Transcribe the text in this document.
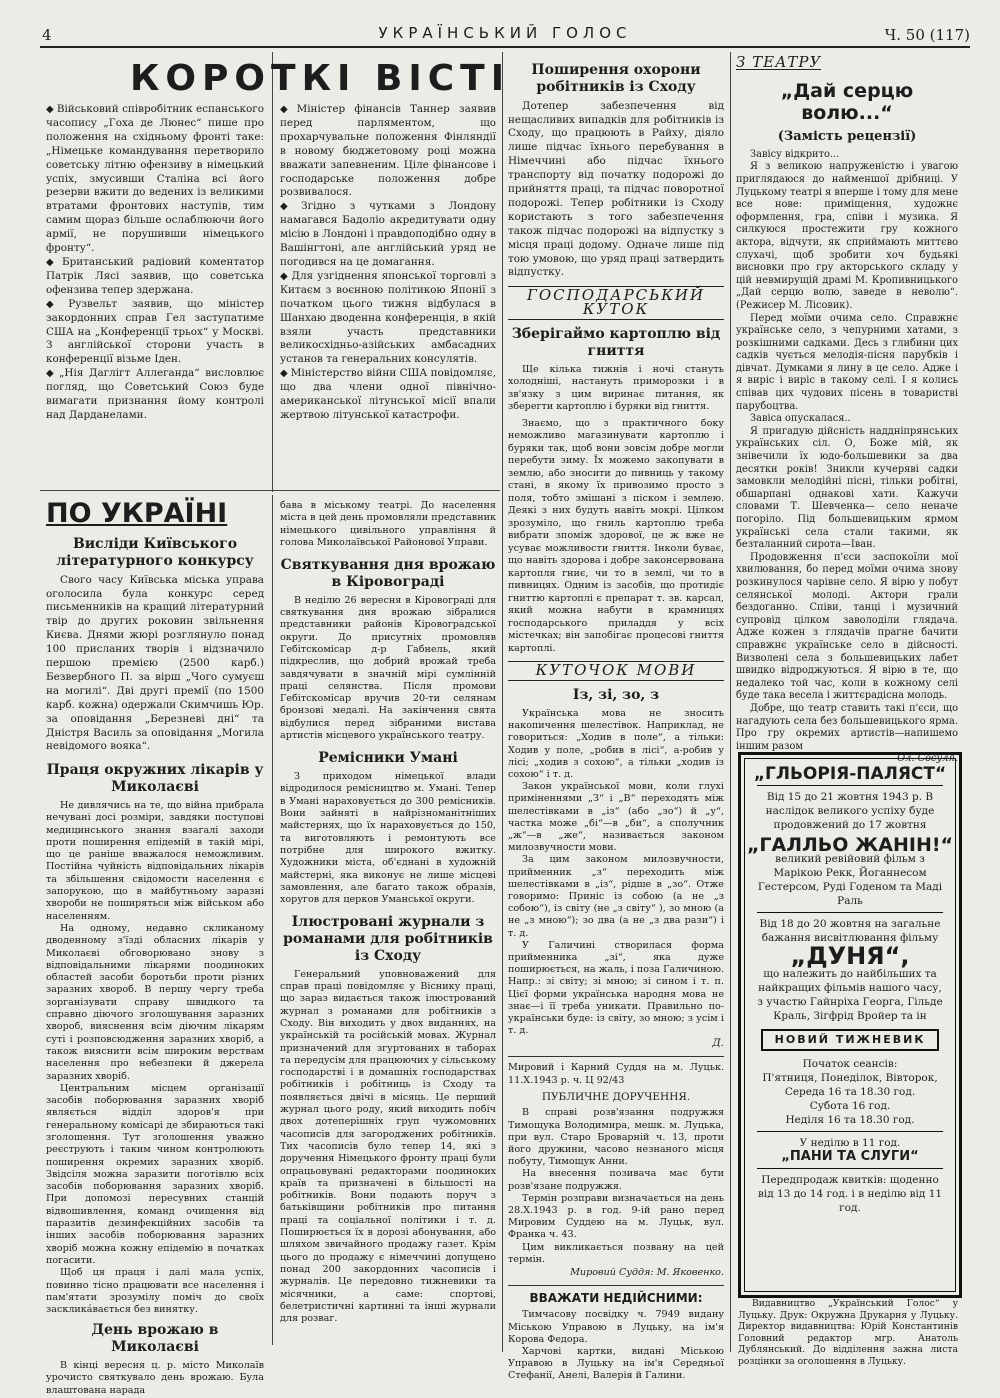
4	УКРАЇНСЬКИЙ ГОЛОС	Ч. 50 (117)
КОРОТКІ ВІСТІ

◆ Військовий співробітник еспанського часопису „Гоха де Люнес“ пише про положення на східньому фронті таке: „Німецьке командування перетворило советську літню офензиву в німецький успіх, змусивши Сталіна всі його резерви вжити до ведених із великими втратами фронтових наступів, тим самим щораз більше ослаблюючи його армії, не порушивши німецького фронту“.

◆ Британський радіовий коментатор Патрік Лясі заявив, що советська офензива тепер здержана.

◆ Рузвельт заявив, що міністер закордонних справ Гел заступатиме США на „Конференції трьох“ у Москві. З англійської сторони участь в конференції візьме Іден.

◆ „Нія Даглігт Аллеганда“ висловлює погляд, що Советський Союз буде вимагати признання йому контролі над Дарданелами.

◆ Міністер фінансів Таннер заявив перед парляментом, що прохарчувальне положення Фінляндії в новому бюджетовому році можна вважати запевненим. Ціле фінансове і господарське положення добре розвивалося.

◆ Згідно з чутками з Лондону намагався Бадоліо акредитувати одну місію в Лондоні і правдоподібно одну в Вашінгтоні, але англійський уряд не погодився на це домагання.

◆ Для узгіднення японської торговлі з Китаєм з воєнною політикою Японії з початком цього тижня відбулася в Шанхаю дводенна конференція, в якій взяли участь представники великосхідньо-азійських амбасадних установ та генеральних консулятів.

◆ Міністерство війни США повідомляє, що два члени одної північно-американської літунської місії впали жертвою літунської катастрофи.

Поширення охорони робітників із Сходу

Дотепер забезпечення від нещасливих випадків для робітників із Сходу, що працюють в Райху, діяло лише підчас їхнього перебування в Німеччині або підчас їхнього транспорту від початку подорожі до прийняття праці, та підчас поворотної подорожі. Тепер робітники із Сходу користають з того забезпечення також підчас подорожі на відпустку з місця праці додому. Одначе лише під тою умовою, що уряд праці затвердить відпустку.

ГОСПОДАРСЬКИЙ КУТОК
Зберігаймо картоплю від гниття

Ще кілька тижнів і ночі стануть холоднішi, настануть приморозки і в зв'язку з цим виринає питання, як зберегти картоплю і буряки від гниття.

Знаємо, що з практичного боку неможливо магазинувати картоплю і буряки так, щоб вони зовсім добре могли перебути зиму. Їх можемо закопувати в землю, або зносити до пивниць у такому стані, в якому їх привозимо просто з поля, тобто змішані з піском і землею. Деякі з них будуть навіть мокрі. Цілком зрозуміло, що гниль картоплю треба вибрати зпоміж здорової, це ж вже не усуває можливости гниття. Інколи буває, що навіть здорова і добре законсервована картопля гниє, чи то в землі, чи то в пивницях. Одним із засобів, що протидіє гниттю картоплі є препарат т. зв. карсал, який можна набути в крамницях господарського приладдя у всіх містечках; він запобігає процесові гниття картоплі.

КУТОЧОК МОВИ
Із, зі, зо, з

Українська мова не зносить накопичення шелестівок. Наприклад, не говориться: „Ходив в поле“, а тільки: Ходив у поле, „робив в лісі“, а-робив у лісі; „ходив з сохою“, а тільки „ходив із сохою“ і т. д.

Закон української мови, коли глухі приміненнями „З“ і „В“ переходять між шелестівками в „із“ (або „зо“) й „у“, частка може „бі“—в „би“, а сполучник „ж“—в „же“, називається законом милозвучности мови.

За цим законом милозвучности, прийменник „з“ переходить між шелестівками в „із“, рідше в „зо“. Отже говоримо: Приніс із собою (а не „з собою“), із світу (не „з світу“ ), зо мною (а не „з мною“); зо два (а не „з два рази“) і т. д.

У Галичині створилася форма прийменника „зі“, яка дуже поширюється, на жаль, і поза Галичиною. Напр.: зі світу; зі мною; зі сином і т. п. Цієї форми українська народня мова не знає—і її треба уникати. Правильно по-українськи буде: із світу, зо мною; з усім і т. д.

Д.

Мировий і Карний Суддя на м. Луцьк. 11.X.1943 р. ч. Ц 92/43

ПУБЛИЧНЕ ДОРУЧЕННЯ.

В справі розв'язання подружжя Тимощука Володимира, мешк. м. Луцька, при вул. Старо Броварній ч. 13, проти його дружини, часово незнаного місця побуту, Тимощук Анни.

На внесення позивача має бути розв'язане подружжя.

Термін розправи визначається на день 28.X.1943 р. в год. 9-ій рано перед Мировим Суддею на м. Луцьк, вул. Франка ч. 43.

Цим викликається позвану на цей термін.

Мировий Суддя: М. Яковенко.
ВВАЖАТИ НЕДІЙСНИМИ:

Тимчасову посвідку ч. 7949 видану Міською Управою в Луцьку, на ім'я Корова Федора.

Харчові картки, видані Міською Управою в Луцьку на ім'я Середньої Стефанії, Анелі, Валерія й Галини.

З ТЕАТРУ
„Дай серцю волю...“
(Замість рецензії)

Завісу відкрито...

Я з великою напруженістю і увагою приглядаюся до найменшої дрібниці. У Луцькому театрі я вперше і тому для мене все нове: приміщення, художнє оформлення, гра, співи і музика. Я силкуюся простежити гру кожного актора, відчути, як сприймають миттєво слухачі, щоб зробити хоч будьякі висновки про гру акторського складу у цій невмирущій драмі М. Кропивницького „Дай серцю волю, заведе в неволю“. (Режисер М. Лісовик).

Перед моїми очима село. Справжнє українське село, з чепурними хатами, з розкішними садками. Десь з глибини цих садків чується мелодія-пісня парубків і дівчат. Думками я лину в це село. Адже і я виріс і виріс в такому селі. І я колись співав цих чудових пісень в товаристві парубоцтва.

Завіса опускалася..

Я пригадую дійсність наддніпрянських українських сіл. О, Боже мій, як знівечили їх юдо-большевики за два десятки років! Зникли кучеряві садки замовкли мелодійні пісні, тільки робітні, обшарпані однакові хати. Кажучи словами Т. Шевченка— село неначе погоріло. Під большевицьким ярмом українські села стали такими, як безталанний сирота—Іван.

Продовження п'єси заспокоїли мої хвилювання, бо перед моїми очима знову розкинулося чарівне село. Я вірю у побут селянської молоді. Актори грали бездоганно. Співи, танці і музичний супровід цілком заволоділи глядача. Адже кожен з глядачів прагне бачити справжнє українське село в дійсності. Визволені села з большевицьких лабет швидко відроджуються. Я вірю в те, що недалеко той час, коли в кожному селі буде така весела і життєрадісна молодь.

Добре, що театр ставить такі п'єси, що нагадують села без большевицького ярма. Про гру окремих артистів—напишемо іншим разом

Ол. Сосуля.
„ГЛЬОРІЯ-ПАЛЯСТ“
Від 15 до 21 жовтня 1943 р. В наслідок великого успіху буде продовжений до 17 жовтня
„ГАЛЛЬО ЖАНІН!“
великий ревійовий фільм з Марікою Рекк, Йоганнесом Гестерсом, Руді Годеном та Маді Раль
Від 18 до 20 жовтня на загальне бажання висвітлювання фільму
„ДУНЯ“,
що належить до найбільших та найкращих фільмів нашого часу, з участю Гайнріха Георга, Гільде Краль, Зігфрід Вройер та ін
НОВИЙ ТИЖНЕВИК
Початок сеансів:
П'ятниця, Понеділок, Вівторок, Середа 16 та 18.30 год.
Субота 16 год.
Неділя 16 та 18.30 год.
У неділю в 11 год.
„ПАНИ ТА СЛУГИ“
Передпродаж квитків: щоденно від 13 до 14 год. і в неділю від 11 год.

Видавництво „Український Голос“ у Луцьку. Друк: Окружна Друкарня у Луцьку. Директор видавництва: Юрій Константинів Головний редактор мгр. Анатоль Дублянський. До відділення зажна листа розцінки за оголошення в Луцьку.

ПО УКРАЇНІ
Висліди Київського літературного конкурсу

Свого часу Київська міська управа оголосила була конкурс серед письменників на кращий літературний твір до других роковин звільнення Києва. Днями жюрі розглянуло понад 100 присланих творів і відзначило першою премією (2500 карб.) Безвербного П. за вірш „Чого сумуєш на могилі“. Дві другі премії (по 1500 карб. кожна) одержали Скимчишь Юр. за оповідання „Березневі дні“ та Дністря Василь за оповідання „Могила невідомого вояка“.

Праця окружних лікарів у Миколаєві

Не дивлячись на те, що війна прибрала нечувані досі розміри, завдяки поступові медицинського знання взагалі заходи проти поширення епідемій в такій мірі, що це раніше вважалося неможливим. Постійна чуйність відповідальних лікарів та збільшення свідомости населення є запорукою, що в майбутньому заразні хвороби не поширяться між військом або населенням.

На одному, недавно скликаному дводенному з'їзді обласних лікарів у Миколаєві обговорювано знову з відповідальними лікарями поодиноких областей засоби боротьби проти різних заразних хвороб. В першу чергу треба зорганізувати справу швидкого та справно діючого зголошування заразних хвороб, вияснення всім діючим лікарям суті і розповсюдження заразних хворіб, а також вияснити всім широким верствам населення про небезпеки й джерела заразних хворіб.

Центральним місцем організації засобів поборювання заразних хворіб являється відділ здоров'я при генеральному комісарі де збираються такі зголошення. Тут зголошення уважно реєструють і таким чином контролюють поширення окремих заразних хворіб. Звідсіля можна заразити поготівлю всіх засобів поборювання заразних хворіб. При допомозі пересувних станцій відвошивлення, команд очищення від паразитів дезинфекційних засобів та інших засобів поборювання заразних хворіб можна кожну епідемію в початках погасити.

Щоб ця праця і далі мала успіх, повинно тісно працювати все населення і пам'ятати зрозумілу поміч до своїх засклика́вається без винятку.

День врожаю в Миколаєві

В кінці вересня ц. р. місто Миколаїв урочисто святкувало день врожаю. Була влаштована нарада

бава в міському театрі. До населення міста в цей день промовляли представник німецького цивільного управління й голова Миколаївської Районової Управи.

Святкування дня врожаю в Кіровограді

В неділю 26 вересня в Кіровограді для святкування дня врожаю зібралися представники районів Кіровоградської округи. До присутніх промовляв Гебітскомісар д-р Габнель, який підкреслив, що добрий врожай треба завдячувати в значній мірі сумлінній праці селянства. Після промови Гебітскомісар вручив 20-ти селянам бронзові медалі. На закінчення свята відбулися перед зібраними вистава артистів місцевого українського театру.

Ремісники Умані

З приходом німецької влади відродилося ремісництво м. Умані. Тепер в Умані нараховується до 300 ремісників. Вони зайняті в найрізноманітніших майстернях, що їх нараховується до 150, та виготовляють і ремонтують все потрібне для широкого вжитку. Художники міста, об'єднані в художній майстерні, яка виконує не лише місцеві замовлення, але багато також образів, хоругов для церков Уманської округи.

Ілюстровані журнали з романами для робітників із Сходу

Генеральний уповноважений для справ праці повідомляє у Віснику праці, що зараз видається також ілюстрований журнал з романами для робітників з Сходу. Він виходить у двох виданнях, на українській та російській мовах. Журнал призначений для згуртованих в таборах та передусім для працюючих у сільському господарстві і в домашніх господарствах робітників і робітниць із Сходу та появляється двічі в місяць. Це перший журнал цього роду, який виходить побіч двох дотеперішніх груп чужомовних часописів для загороджених робітників. Тих часописів було тепер 14, які з доручення Німецького фронту праці були опрацьовувані редакторами поодиноких країв та призначені в більшості на робітників. Вони подають поруч з батьківщини робітників про питання праці та соціальної політики і т. д. Поширюється їх в дорозі абонування, або шляхом звичайного продажу газет. Крім цього до продажу є німеччині допущено понад 200 закордонних часописів і журналів. Це передовно тижневики та місячники, а саме: спортові, белетристичні картинні та інші журнали для розваг.
